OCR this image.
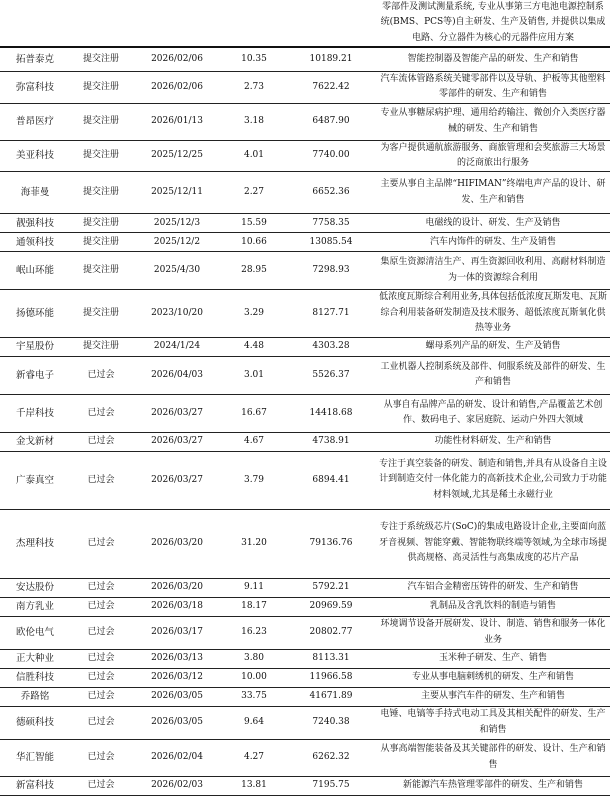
					零部件及测试测量系统, 专业从事第三方电池电源控制系统(BMS、PCS等)自主研发、生产及销售, 并提供以集成电路、分立器件为核心的元器件应用方案
拓普泰克	提交注册	2026/02/06	10.35	10189.21	智能控制器及智能产品的研发、生产和销售
弥富科技	提交注册	2026/02/06	2.73	7622.42	汽车流体管路系统关键零部件以及导轨、护板等其他塑料零部件的研发、生产和销售
普昂医疗	提交注册	2026/01/13	3.18	6487.90	专业从事糖尿病护理、通用给药输注、微创介入类医疗器械的研发、生产和销售
美亚科技	提交注册	2025/12/25	4.01	7740.00	为客户提供通航旅游服务、商旅管理和会奖旅游三大场景的泛商旅出行服务
海菲曼	提交注册	2025/12/11	2.27	6652.36	主要从事自主品牌“HIFIMAN”终端电声产品的设计、研发、生产和销售
靓强科技	提交注册	2025/12/3	15.59	7758.35	电磁线的设计、研发、生产及销售
通领科技	提交注册	2025/12/2	10.66	13085.54	汽车内饰件的研发、生产及销售
岷山环能	提交注册	2025/4/30	28.95	7298.93	集原生资源清洁生产、再生资源回收利用、高耐材料制造为一体的资源综合利用
扬德环能	提交注册	2023/10/20	3.29	8127.71	低浓度瓦斯综合利用业务,具体包括低浓度瓦斯发电、瓦斯综合利用装备研发制造及技术服务、超低浓度瓦斯氧化供热等业务
宇星股份	提交注册	2024/1/24	4.48	4303.28	螺母系列产品的研发、生产及销售
新睿电子	已过会	2026/04/03	3.01	5526.37	工业机器人控制系统及部件、伺服系统及部件的研发、生产和销售
千岸科技	已过会	2026/03/27	16.67	14418.68	从事自有品牌产品的研发、设计和销售,产品覆盖艺术创作、数码电子、家居庭院、运动户外四大领域
金戈新材	已过会	2026/03/27	4.67	4738.91	功能性材料研发、生产和销售
广泰真空	已过会	2026/03/27	3.79	6894.41	专注于真空装备的研发、制造和销售,并具有从设备自主设计到制造交付一体化能力的高新技术企业,公司致力于功能材料领域,尤其是稀土永磁行业
杰理科技	已过会	2026/03/20	31.20	79136.76	专注于系统级芯片(SoC)的集成电路设计企业,主要面向蓝牙音视频、智能穿戴、智能物联终端等领域,为全球市场提供高规格、高灵活性与高集成度的芯片产品
安达股份	已过会	2026/03/20	9.11	5792.21	汽车铝合金精密压铸件的研发、生产和销售
南方乳业	已过会	2026/03/18	18.17	20969.59	乳制品及含乳饮料的制造与销售
欧伦电气	已过会	2026/03/17	16.23	20802.77	环境调节设备开展研发、设计、制造、销售和服务一体化业务
正大种业	已过会	2026/03/13	3.80	8113.31	玉米种子研发、生产、销售
信胜科技	已过会	2026/03/12	10.00	11966.58	专业从事电脑刺绣机的研发、生产和销售
乔路铭	已过会	2026/03/05	33.75	41671.89	主要从事汽车件的研发、生产和销售
德硕科技	已过会	2026/03/05	9.64	7240.38	电锤、电镐等手持式电动工具及其相关配件的研发、生产和销售
华汇智能	已过会	2026/02/04	4.27	6262.32	从事高端智能装备及其关键部件的研发、设计、生产和销售
新富科技	已过会	2026/02/03	13.81	7195.75	新能源汽车热管理零部件的研发、生产和销售
